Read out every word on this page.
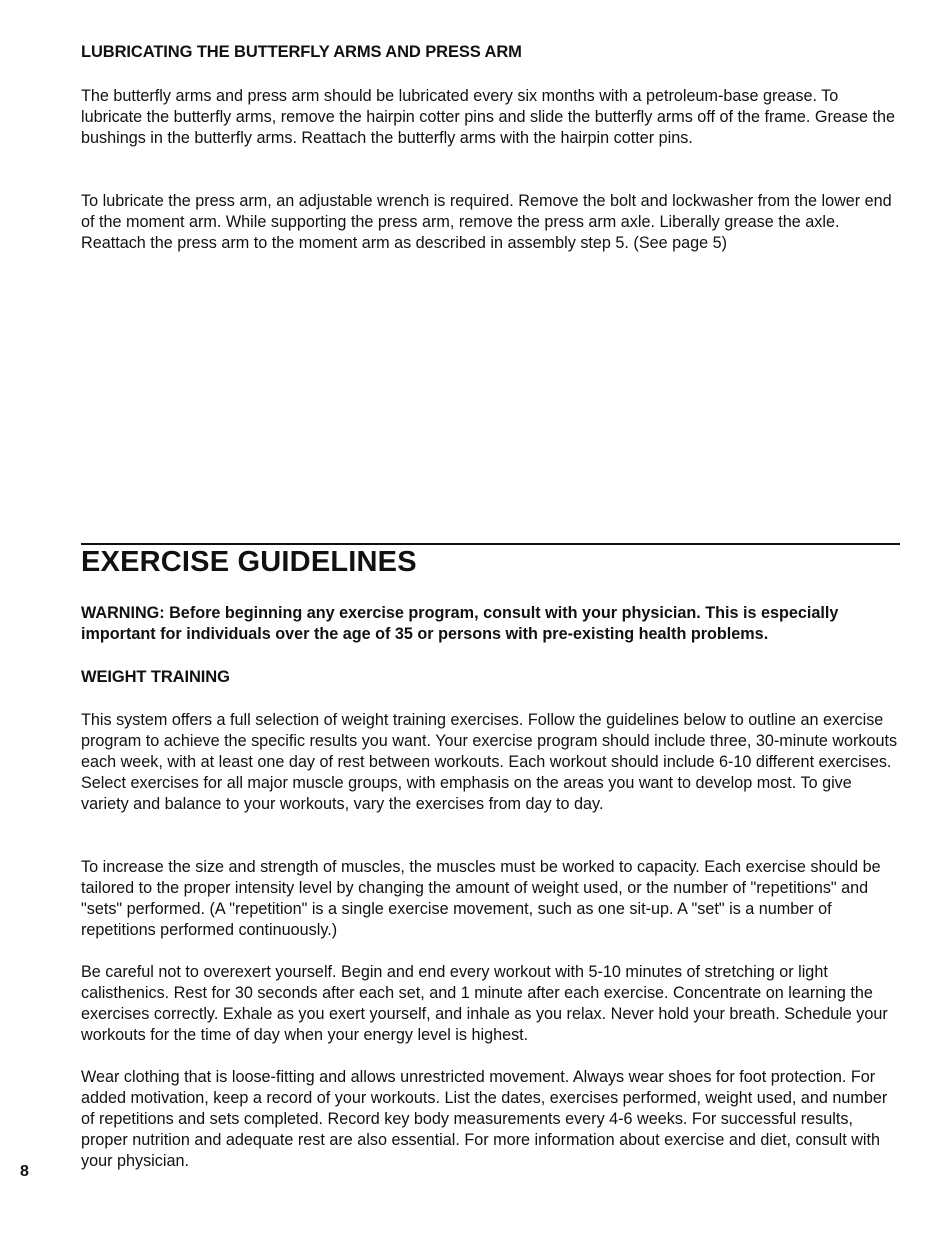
LUBRICATING THE BUTTERFLY ARMS AND PRESS ARM

The butterfly arms and press arm should be lubricated every six months with a petroleum-base grease. To lubricate the butterfly arms, remove the hairpin cotter pins and slide the butterfly arms off of the frame. Grease the bushings in the butterfly arms. Reattach the butterfly arms with the hairpin cotter pins.

To lubricate the press arm, an adjustable wrench is required. Remove the bolt and lockwasher from the lower end of the moment arm. While supporting the press arm, remove the press arm axle. Liberally grease the axle. Reattach the press arm to the moment arm as described in assembly step 5. (See page 5)

EXERCISE GUIDELINES

WARNING: Before beginning any exercise program, consult with your physician. This is especially important for individuals over the age of 35 or persons with pre-existing health problems.

WEIGHT TRAINING

This system offers a full selection of weight training exercises. Follow the guidelines below to outline an exercise program to achieve the specific results you want. Your exercise program should include three, 30-minute workouts each week, with at least one day of rest between workouts. Each workout should include 6-10 different exercises. Select exercises for all major muscle groups, with emphasis on the areas you want to develop most. To give variety and balance to your workouts, vary the exercises from day to day.

To increase the size and strength of muscles, the muscles must be worked to capacity. Each exercise should be tailored to the proper intensity level by changing the amount of weight used, or the number of "repetitions" and "sets" performed. (A "repetition" is a single exercise movement, such as one sit-up. A "set" is a number of repetitions performed continuously.)

Be careful not to overexert yourself. Begin and end every workout with 5-10 minutes of stretching or light calisthenics. Rest for 30 seconds after each set, and 1 minute after each exercise. Concentrate on learning the exercises correctly. Exhale as you exert yourself, and inhale as you relax. Never hold your breath. Schedule your workouts for the time of day when your energy level is highest.

Wear clothing that is loose-fitting and allows unrestricted movement. Always wear shoes for foot protection. For added motivation, keep a record of your workouts. List the dates, exercises performed, weight used, and number of repetitions and sets completed. Record key body measurements every 4-6 weeks. For successful results, proper nutrition and adequate rest are also essential. For more information about exercise and diet, consult with your physician.

8
